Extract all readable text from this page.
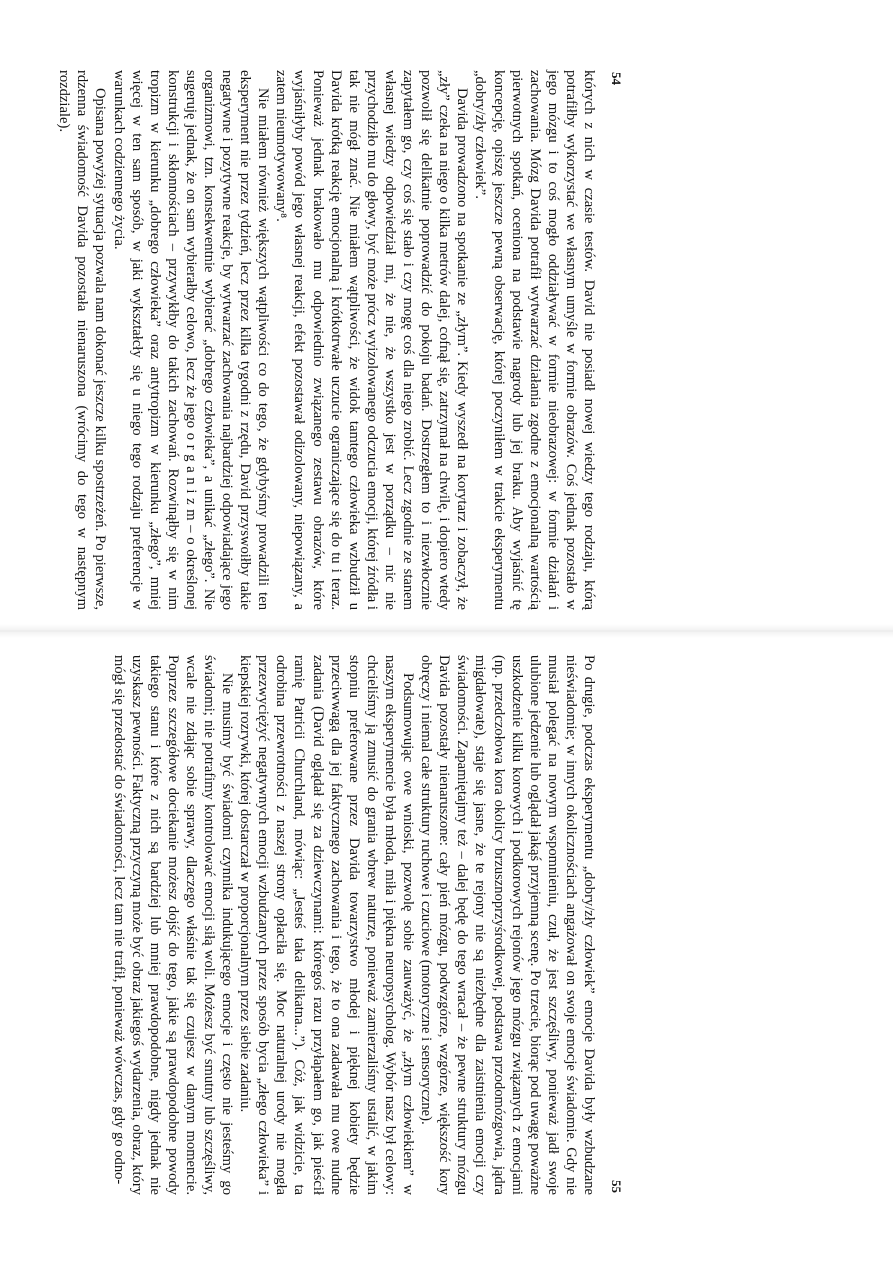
54

których z nich w czasie testów. David nie posiadł nowej wiedzy tego rodzaju, którą potrafiłby wykorzystać we własnym umyśle w formie obrazów. Coś jednak pozostało w jego mózgu i to coś mogło oddziaływać w formie nieobrazowej: w formie działań i zachowania. Mózg Davida potrafił wytwarzać działania zgodne z emocjonalną wartością pierwotnych spotkań, oceniona na podstawie nagrody lub jej braku. Aby wyjaśnić tę koncepcję, opiszę jeszcze pewną obserwację, której poczyniłem w trakcie eksperymentu „dobry/zły człowiek”.

Davida prowadzono na spotkanie ze „złym”. Kiedy wyszedł na korytarz i zobaczył, że „zły” czeka na niego o kilka metrów dalej, cofnął się, zatrzymał na chwilę, i dopiero wtedy pozwolił się delikatnie poprowadzić do pokoju badań. Dostrzegłem to i niezwłocznie zapytałem go, czy coś się stało i czy mogę coś dla niego zrobić. Lecz zgodnie ze stanem własnej wiedzy odpowiedział mi, że nie, że wszystko jest w porządku – nic nie przychodziło mu do głowy, być może prócz wyizolowanego odczucia emocji, której źródła i tak nie mógł znać. Nie miałem wątpliwości, że widok tamtego człowieka wzbudził u Davida krótką reakcję emocjonalną i krótkotrwałe uczucie ograniczające się do tu i teraz. Ponieważ jednak brakowało mu odpowiednio związanego zestawu obrazów, które wyjaśniłyby powód jego własnej reakcji, efekt pozostawał odizolowany, niepowiązany, a zatem nieumotywowany⁸.

Nie miałem również większych wątpliwości co do tego, że gdybyśmy prowadzili ten eksperyment nie przez tydzień, lecz przez kilka tygodni z rzędu, David przyswoiłby takie negatywne i pozytywne reakcje, by wytwarzać zachowania najbardziej odpowiadające jego organizmowi, tzn. konsekwentnie wybierać „dobrego człowieka”, a unikać „złego”. Nie sugeruję jednak, że on sam wybierałby celowo, lecz że jego o r g a n i z m – o określonej konstrukcji i skłonnościach – przywykłby do takich zachowań. Rozwinąłby się w nim tropizm w kierunku „dobrego człowieka” oraz antytropizm w kierunku „złego”, mniej więcej w ten sam sposób, w jaki wykształcły się u niego tego rodzaju preferencje w warunkach codziennego życia.

Opisana powyżej sytuacja pozwala nam dokonać jeszcze kilku spostrzeżeń. Po pierwsze, rdzenna świadomość Davida pozostała nienaruszona (wrócimy do tego w następnym rozdziale).

55

Po drugie, podczas eksperymentu „dobry/zły człowiek” emocje Davida były wzbudzane nieświadomie; w innych okolicznościach angażował on swoje emocje świadomie. Gdy nie musiał polegać na nowym wspomnieniu, czuł, że jest szczęśliwy, ponieważ jadł swoje ulubione jedzenie lub oglądał jakąś przyjemną scenę. Po trzecie, biorąc pod uwagę poważne uszkodzenie kilku korowych i podkorowych rejonów jego mózgu związanych z emocjami (np. przedczołowa kora okolicy brzusznoprzyśrodkowej, podstawa przodomózgowia, jądra migdałowate), staje się jasne, że te rejony nie są niezbędne dla zaistnienia emocji czy świadomości. Zapamiętajmy też – dalej będę do tego wracał – że pewne struktury mózgu Davida pozostały nienaruszone: cały pień mózgu, podwzgórze, wzgórze, większość kory obręczy i niemal całe struktury ruchowe i czuciowe (motoryczne i sensoryczne).

Podsumowując owe wnioski, pozwolę sobie zauważyć, że „złym człowiekiem” w naszym eksperymencie była młoda, miła i piękna neuropsycholog. Wybór nasz był celowy: chcieliśmy ją zmusić do grania wbrew naturze, ponieważ zamierzaliśmy ustalić, w jakim stopniu preferowane przez Davida towarzystwo młodej i pięknej kobiety będzie przeciwwagą dla jej faktycznego zachowania i tego, że to ona zadawała mu owe nudne zadania (David oglądał się za dziewczynami: któregoś razu przyłapałem go, jak pieścił ramię Patricii Churchland, mówiąc: „Jesteś taka delikatna...”). Cóż, jak widzicie, ta odrobina przewrotności z naszej strony opłaciła się. Moc naturalnej urody nie mogła przezwyciężyć negatywnych emocji wzbudzanych przez sposób bycia „złego człowieka” i kiepskiej rozrywki, której dostarczał w proporcjonalnym przez siebie zadaniu.

Nie musimy być świadomi czynnika indukującego emocje i często nie jesteśmy go świadomi; nie potrafimy kontrolować emocji siłą woli. Możesz być smutny lub szczęśliwy, wcale nie zdając sobie sprawy, dlaczego właśnie tak się czujesz w danym momencie. Poprzez szczegółowe dociekanie możesz dojść do tego, jakie są prawdopodobne powody takiego stanu i które z nich są bardziej lub mniej prawdopodobne, nigdy jednak nie uzyskasz pewności. Faktyczną przyczyną może być obraz jakiegoś wydarzenia, obraz, który mógł się przedostać do świadomości, lecz tam nie trafił, ponieważ wówczas, gdy go odno-
